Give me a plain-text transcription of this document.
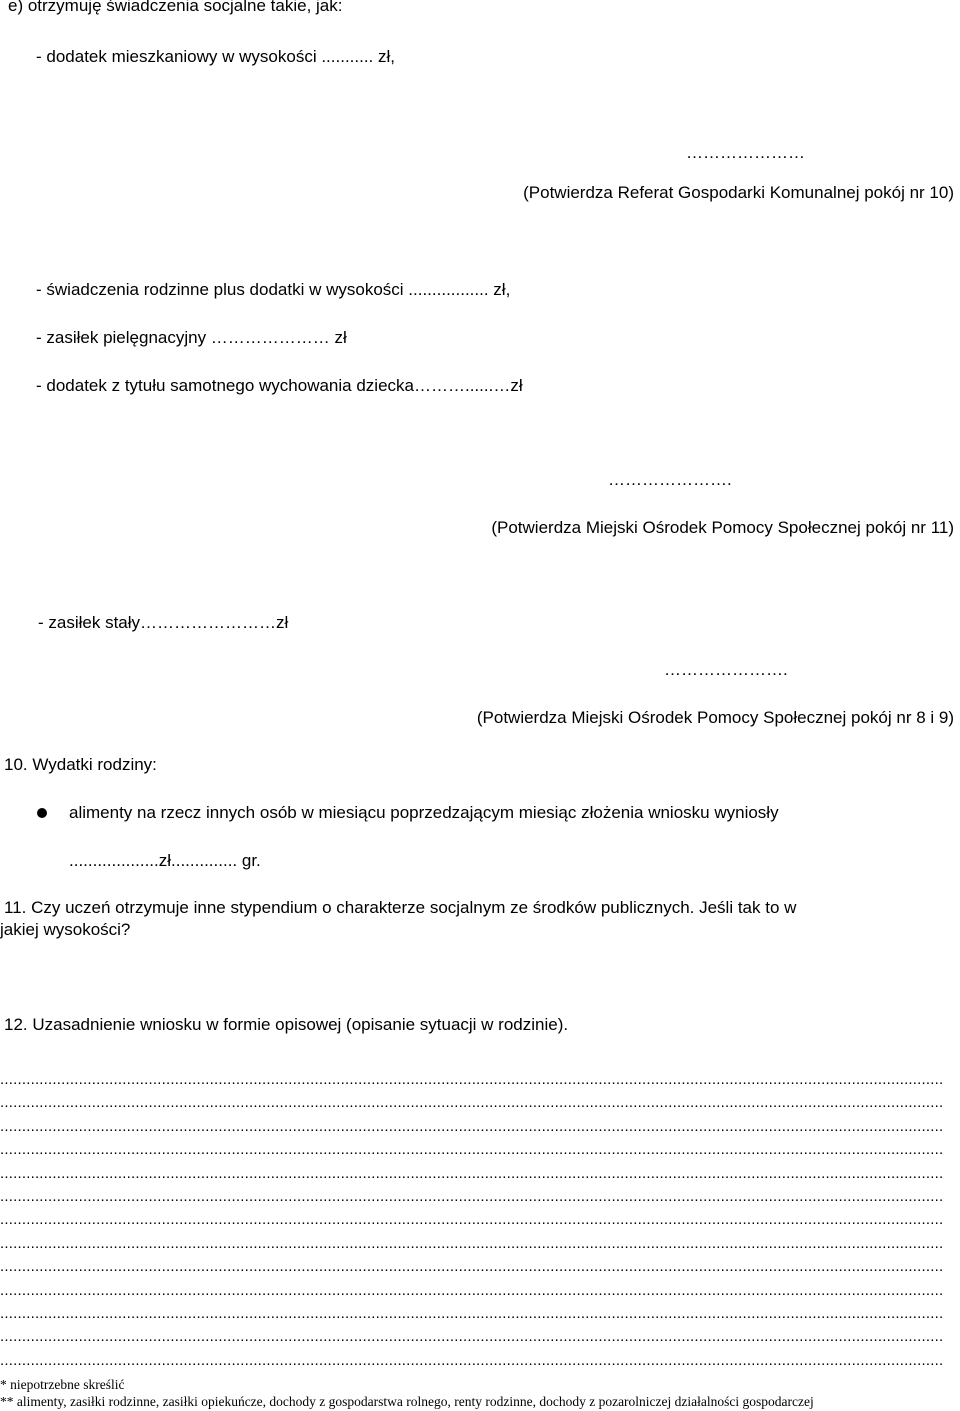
e) otrzymuję świadczenia socjalne takie, jak:
- dodatek mieszkaniowy w wysokości ........... zł,
…………………
(Potwierdza Referat Gospodarki Komunalnej pokój nr 10)
- świadczenia rodzinne plus dodatki w wysokości ................. zł,
- zasiłek pielęgnacyjny ………………… zł
- dodatek z tytułu samotnego wychowania dziecka………......…zł
………………….
(Potwierdza Miejski Ośrodek Pomocy Społecznej pokój nr 11)
- zasiłek stały……………………zł
………………….
(Potwierdza Miejski Ośrodek Pomocy Społecznej pokój nr 8 i 9)
10. Wydatki rodziny:
alimenty na rzecz innych osób w miesiącu poprzedzającym miesiąc złożenia wniosku wyniosły
...................zł.............. gr.
11. Czy uczeń otrzymuje inne stypendium o charakterze socjalnym ze środków publicznych. Jeśli tak to w
jakiej wysokości?
12. Uzasadnienie wniosku w formie opisowej (opisanie sytuacji w rodzinie).
........................................................................................................................................................................................................................
........................................................................................................................................................................................................................
........................................................................................................................................................................................................................
........................................................................................................................................................................................................................
........................................................................................................................................................................................................................
........................................................................................................................................................................................................................
........................................................................................................................................................................................................................
........................................................................................................................................................................................................................
........................................................................................................................................................................................................................
........................................................................................................................................................................................................................
........................................................................................................................................................................................................................
........................................................................................................................................................................................................................
........................................................................................................................................................................................................................
* niepotrzebne skreślić
** alimenty, zasiłki rodzinne, zasiłki opiekuńcze, dochody z gospodarstwa rolnego, renty rodzinne, dochody z pozarolniczej działalności gospodarczej
